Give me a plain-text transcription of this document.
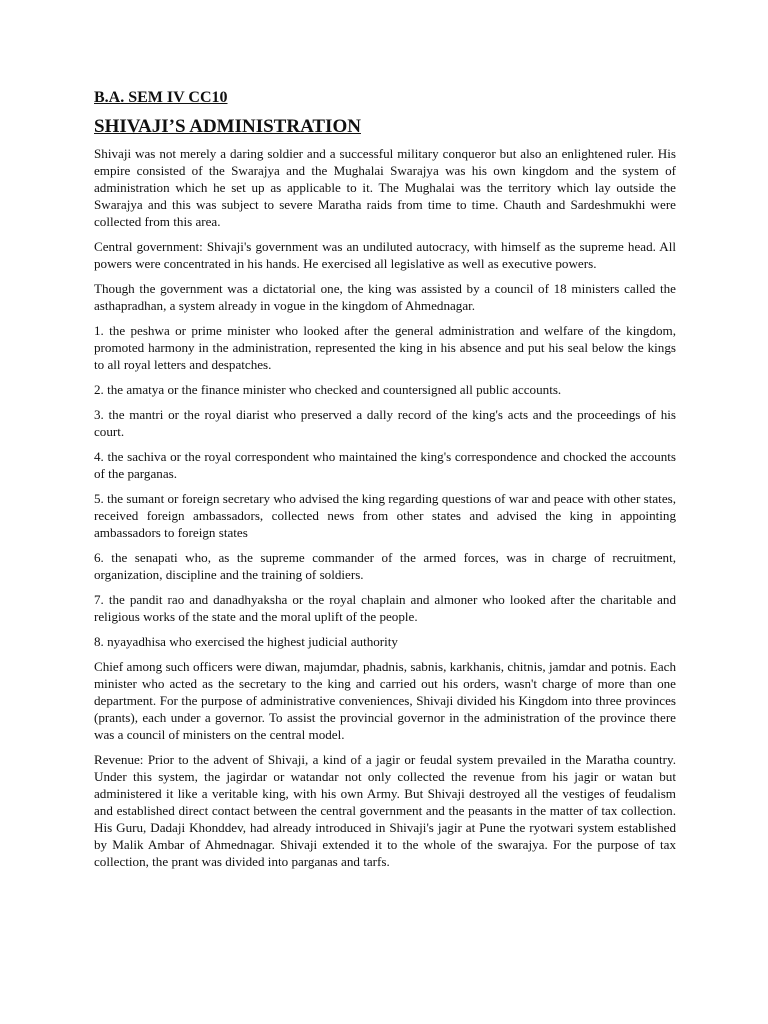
B.A. SEM IV CC10
SHIVAJI’S ADMINISTRATION

Shivaji was not merely a daring soldier and a successful military conqueror but also an enlightened ruler. His empire consisted of the Swarajya and the Mughalai Swarajya was his own kingdom and the system of administration which he set up as applicable to it. The Mughalai was the territory which lay outside the Swarajya and this was subject to severe Maratha raids from time to time. Chauth and Sardeshmukhi were collected from this area.

Central government: Shivaji's government was an undiluted autocracy, with himself as the supreme head. All powers were concentrated in his hands. He exercised all legislative as well as executive powers.

Though the government was a dictatorial one, the king was assisted by a council of 18 ministers called the asthapradhan, a system already in vogue in the kingdom of Ahmednagar.

1. the peshwa or prime minister who looked after the general administration and welfare of the kingdom, promoted harmony in the administration, represented the king in his absence and put his seal below the kings to all royal letters and despatches.

2. the amatya or the finance minister who checked and countersigned all public accounts.

3. the mantri or the royal diarist who preserved a dally record of the king's acts and the proceedings of his court.

4. the sachiva or the royal correspondent who maintained the king's correspondence and chocked the accounts of the parganas.

5. the sumant or foreign secretary who advised the king regarding questions of war and peace with other states, received foreign ambassadors, collected news from other states and advised the king in appointing ambassadors to foreign states

6. the senapati who, as the supreme commander of the armed forces, was in charge of recruitment, organization, discipline and the training of soldiers.

7. the pandit rao and danadhyaksha or the royal chaplain and almoner who looked after the charitable and religious works of the state and the moral uplift of the people.

8. nyayadhisa who exercised the highest judicial authority

Chief among such officers were diwan, majumdar, phadnis, sabnis, karkhanis, chitnis, jamdar and potnis. Each minister who acted as the secretary to the king and carried out his orders, wasn't charge of more than one department. For the purpose of administrative conveniences, Shivaji divided his Kingdom into three provinces (prants), each under a governor. To assist the provincial governor in the administration of the province there was a council of ministers on the central model.

Revenue: Prior to the advent of Shivaji, a kind of a jagir or feudal system prevailed in the Maratha country. Under this system, the jagirdar or watandar not only collected the revenue from his jagir or watan but administered it like a veritable king, with his own Army. But Shivaji destroyed all the vestiges of feudalism and established direct contact between the central government and the peasants in the matter of tax collection. His Guru, Dadaji Khonddev, had already introduced in Shivaji's jagir at Pune the ryotwari system established by Malik Ambar of Ahmednagar. Shivaji extended it to the whole of the swarajya. For the purpose of tax collection, the prant was divided into parganas and tarfs.
